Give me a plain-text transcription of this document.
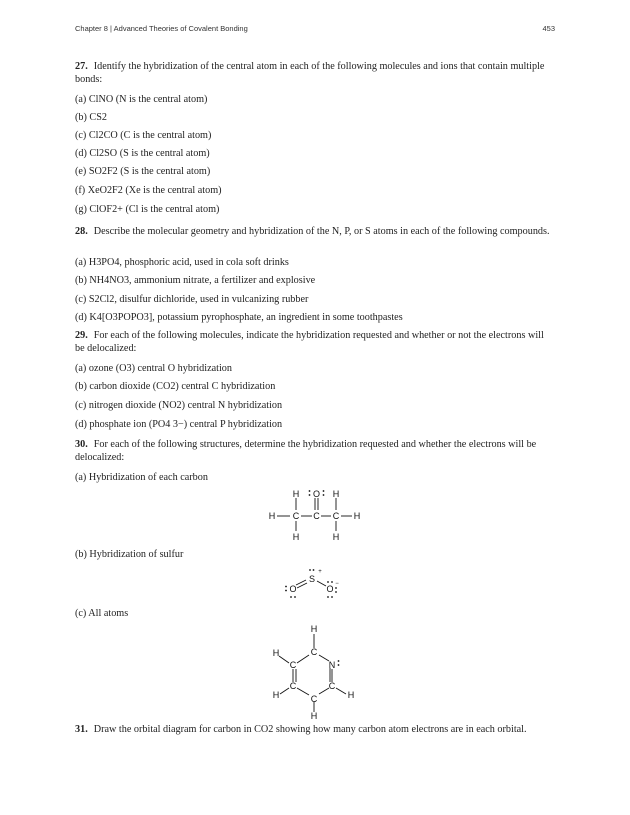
Chapter 8 | Advanced Theories of Covalent Bonding	453
27. Identify the hybridization of the central atom in each of the following molecules and ions that contain multiple bonds:
(a) ClNO (N is the central atom)
(b) CS2
(c) Cl2CO (C is the central atom)
(d) Cl2SO (S is the central atom)
(e) SO2F2 (S is the central atom)
(f) XeO2F2 (Xe is the central atom)
(g) ClOF2+ (Cl is the central atom)
28. Describe the molecular geometry and hybridization of the N, P, or S atoms in each of the following compounds.
(a) H3PO4, phosphoric acid, used in cola soft drinks
(b) NH4NO3, ammonium nitrate, a fertilizer and explosive
(c) S2Cl2, disulfur dichloride, used in vulcanizing rubber
(d) K4[O3POPO3], potassium pyrophosphate, an ingredient in some toothpastes
29. For each of the following molecules, indicate the hybridization requested and whether or not the electrons will be delocalized:
(a) ozone (O3) central O hybridization
(b) carbon dioxide (CO2) central C hybridization
(c) nitrogen dioxide (NO2) central N hybridization
(d) phosphate ion (PO4 3−) central P hybridization
30. For each of the following structures, determine the hybridization requested and whether the electrons will be delocalized:
(a) Hybridization of each carbon
H O H
H C C C H
H	H
(b) Hybridization of sulfur
O
S
O
+
−
(c) All atoms
H
C
H
N
C
C	C
H	H
H
C
31. Draw the orbital diagram for carbon in CO2 showing how many carbon atom electrons are in each orbital.
